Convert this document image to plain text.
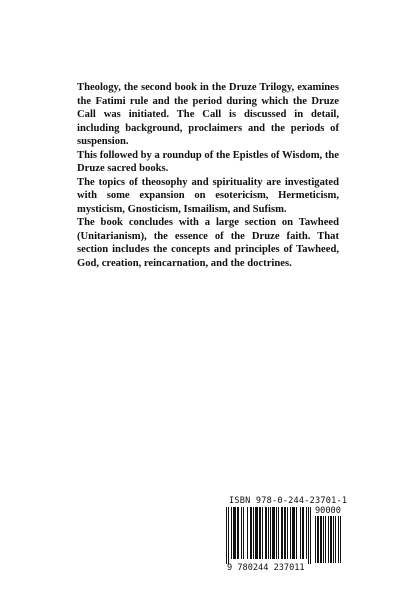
Theology, the second book in the Druze Trilogy, examines the Fatimi rule and the period during which the Druze Call was initiated. The Call is discussed in detail, including background, proclaimers and the periods of suspension.

This followed by a roundup of the Epistles of Wisdom, the Druze sacred books.

The topics of theosophy and spirituality are investigated with some expansion on esotericism, Hermeticism, mysticism, Gnosticism, Ismailism, and Sufism.

The book concludes with a large section on Tawheed (Unitarianism), the essence of the Druze faith. That section includes the concepts and principles of Tawheed, God, creation, reincarnation, and the doctrines.

ISBN 978-0-244-23701-1
90000
9 780244 237011
